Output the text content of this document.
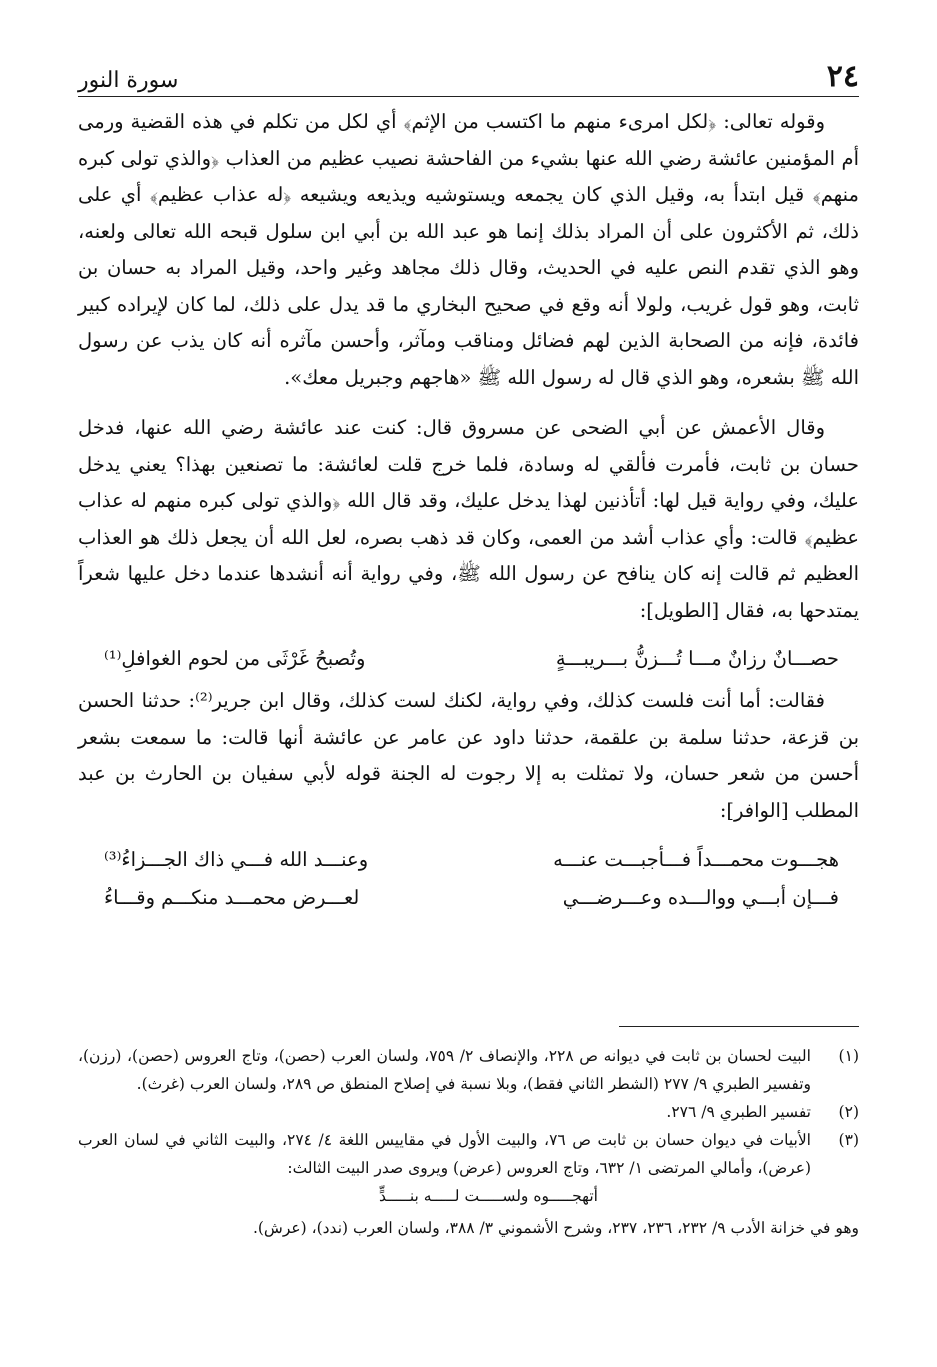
٢٤
سورة النور

وقوله تعالى: ﴿لكل امرىء منهم ما اكتسب من الإثم﴾ أي لكل من تكلم في هذه القضية ورمى أم المؤمنين عائشة رضي الله عنها بشيء من الفاحشة نصيب عظيم من العذاب ﴿والذي تولى كبره منهم﴾ قيل ابتدأ به، وقيل الذي كان يجمعه ويستوشيه ويذيعه ويشيعه ﴿له عذاب عظيم﴾ أي على ذلك، ثم الأكثرون على أن المراد بذلك إنما هو عبد الله بن أبي ابن سلول قبحه الله تعالى ولعنه، وهو الذي تقدم النص عليه في الحديث، وقال ذلك مجاهد وغير واحد، وقيل المراد به حسان بن ثابت، وهو قول غريب، ولولا أنه وقع في صحيح البخاري ما قد يدل على ذلك، لما كان لإيراده كبير فائدة، فإنه من الصحابة الذين لهم فضائل ومناقب ومآثر، وأحسن مآثره أنه كان يذب عن رسول الله ﷺ بشعره، وهو الذي قال له رسول الله ﷺ «هاجهم وجبريل معك».

وقال الأعمش عن أبي الضحى عن مسروق قال: كنت عند عائشة رضي الله عنها، فدخل حسان بن ثابت، فأمرت فألقي له وسادة، فلما خرج قلت لعائشة: ما تصنعين بهذا؟ يعني يدخل عليك، وفي رواية قيل لها: أتأذنين لهذا يدخل عليك، وقد قال الله ﴿والذي تولى كبره منهم له عذاب عظيم﴾ قالت: وأي عذاب أشد من العمى، وكان قد ذهب بصره، لعل الله أن يجعل ذلك هو العذاب العظيم ثم قالت إنه كان ينافح عن رسول الله ﷺ، وفي رواية أنه أنشدها عندما دخل عليها شعراً يمتدحها به، فقال [الطويل]:

حصـــانٌ رزانٌ مـــا تُـــزنُّ بـــريبـــةٍ
وتُصبحُ غَرْثَى من لحوم الغوافلِ⁽¹⁾

فقالت: أما أنت فلست كذلك، وفي رواية، لكنك لست كذلك، وقال ابن جرير⁽²⁾: حدثنا الحسن بن قزعة، حدثنا سلمة بن علقمة، حدثنا داود عن عامر عن عائشة أنها قالت: ما سمعت بشعر أحسن من شعر حسان، ولا تمثلت به إلا رجوت له الجنة قوله لأبي سفيان بن الحارث بن عبد المطلب [الوافر]:

هجـــوت محمـــداً فـــأجبـــت عنـــه
وعنـــد الله فـــي ذاك الجـــزاءُ⁽³⁾
فـــإن أبـــي ووالـــده وعـــرضـــي
لعـــرض محمـــد منكـــم وقـــاءُ
(١)
البيت لحسان بن ثابت في ديوانه ص ٢٢٨، والإنصاف ٢/ ٧٥٩، ولسان العرب (حصن)، وتاج العروس (حصن)، (رزن)، وتفسير الطبري ٩/ ٢٧٧ (الشطر الثاني فقط)، وبلا نسبة في إصلاح المنطق ص ٢٨٩، ولسان العرب (غرث).
(٢)
تفسير الطبري ٩/ ٢٧٦.
(٣)
الأبيات في ديوان حسان بن ثابت ص ٧٦، والبيت الأول في مقاييس اللغة ٤/ ٢٧٤، والبيت الثاني في لسان العرب (عرض)، وأمالي المرتضى ١/ ٦٣٢، وتاج العروس (عرض) ويروى صدر البيت الثالث:
أتهجـــــوه ولســـــت لـــــه بنـــــدٍّ
وهو في خزانة الأدب ٩/ ٢٣٢، ٢٣٦، ٢٣٧، وشرح الأشموني ٣/ ٣٨٨، ولسان العرب (ندد)، (عرش).
